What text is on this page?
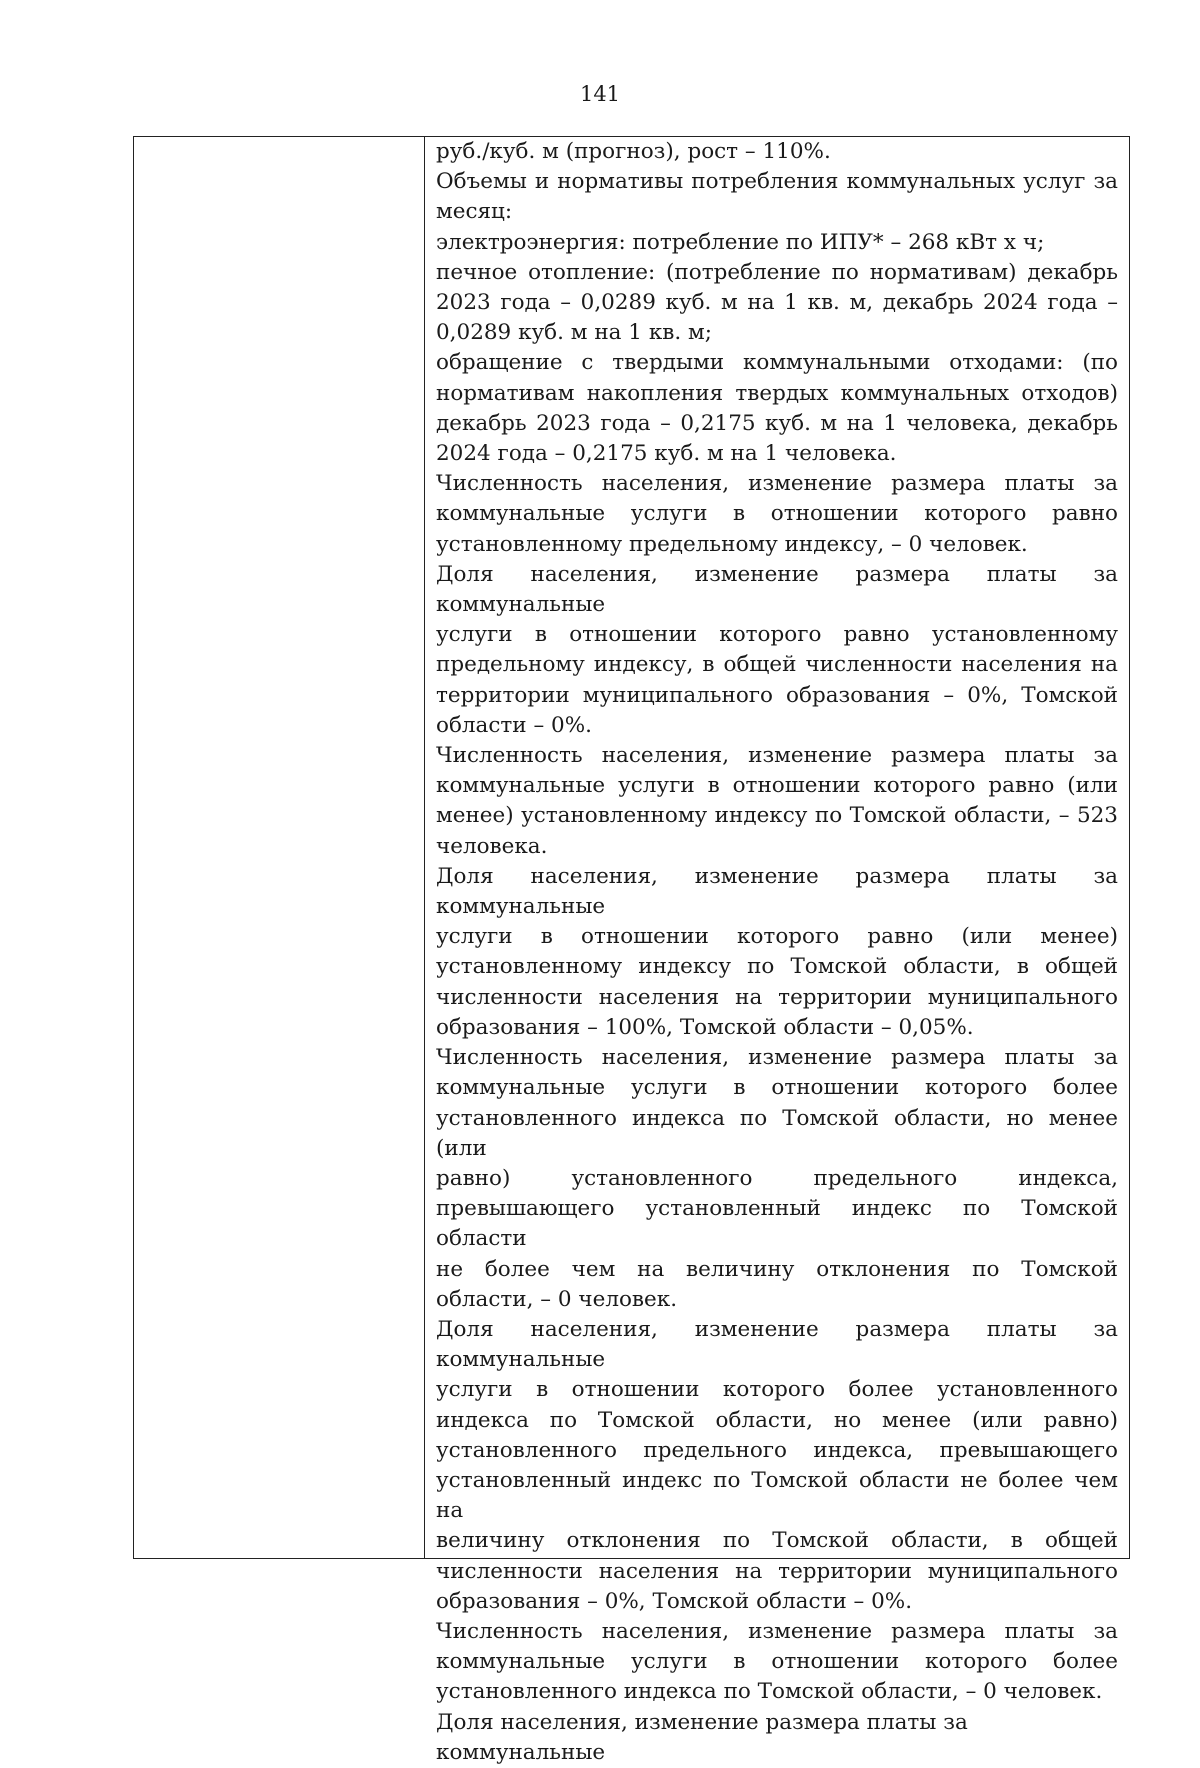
141

руб./куб. м (прогноз), рост – 110%.

Объемы и нормативы потребления коммунальных услуг за
месяц:

электроэнергия: потребление по ИПУ* – 268 кВт х ч;

печное отопление: (потребление по нормативам) декабрь
2023 года – 0,0289 куб. м на 1 кв. м, декабрь 2024 года –
0,0289 куб. м на 1 кв. м;

обращение с твердыми коммунальными отходами: (по
нормативам накопления твердых коммунальных отходов)
декабрь 2023 года – 0,2175 куб. м на 1 человека, декабрь
2024 года – 0,2175 куб. м на 1 человека.

Численность населения, изменение размера платы за
коммунальные услуги в отношении которого равно
установленному предельному индексу, – 0 человек.

Доля населения, изменение размера платы за коммунальные
услуги в отношении которого равно установленному
предельному индексу, в общей численности населения на
территории муниципального образования – 0%, Томской
области – 0%.

Численность населения, изменение размера платы за
коммунальные услуги в отношении которого равно (или
менее) установленному индексу по Томской области, – 523
человека.

Доля населения, изменение размера платы за коммунальные
услуги в отношении которого равно (или менее)
установленному индексу по Томской области, в общей
численности населения на территории муниципального
образования – 100%, Томской области – 0,05%.

Численность населения, изменение размера платы за
коммунальные услуги в отношении которого более
установленного индекса по Томской области, но менее (или
равно) установленного предельного индекса,
превышающего установленный индекс по Томской области
не более чем на величину отклонения по Томской
области, – 0 человек.

Доля населения, изменение размера платы за коммунальные
услуги в отношении которого более установленного
индекса по Томской области, но менее (или равно)
установленного предельного индекса, превышающего
установленный индекс по Томской области не более чем на
величину отклонения по Томской области, в общей
численности населения на территории муниципального
образования – 0%, Томской области – 0%.

Численность населения, изменение размера платы за
коммунальные услуги в отношении которого более
установленного индекса по Томской области, – 0 человек.

Доля населения, изменение размера платы за коммунальные
